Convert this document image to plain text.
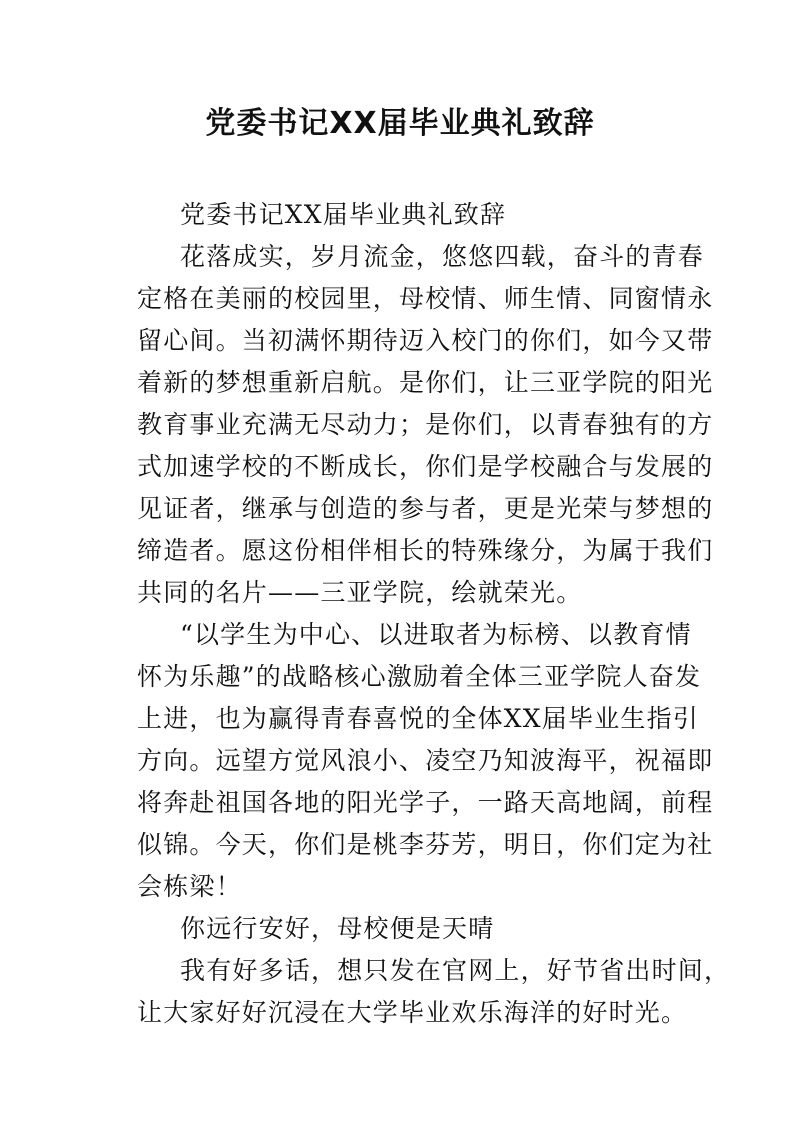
党委书记XX届毕业典礼致辞
党委书记XX届毕业典礼致辞
花落成实，岁月流金，悠悠四载，奋斗的青春
定格在美丽的校园里，母校情、师生情、同窗情永
留心间。当初满怀期待迈入校门的你们，如今又带
着新的梦想重新启航。是你们，让三亚学院的阳光
教育事业充满无尽动力；是你们，以青春独有的方
式加速学校的不断成长，你们是学校融合与发展的
见证者，继承与创造的参与者，更是光荣与梦想的
缔造者。愿这份相伴相长的特殊缘分，为属于我们
共同的名片——三亚学院，绘就荣光。
“以学生为中心、以进取者为标榜、以教育情
怀为乐趣”的战略核心激励着全体三亚学院人奋发
上进，也为赢得青春喜悦的全体XX届毕业生指引
方向。远望方觉风浪小、凌空乃知波海平，祝福即
将奔赴祖国各地的阳光学子，一路天高地阔，前程
似锦。今天，你们是桃李芬芳，明日，你们定为社
会栋梁！
你远行安好，母校便是天晴
我有好多话，想只发在官网上，好节省出时间，
让大家好好沉浸在大学毕业欢乐海洋的好时光。
